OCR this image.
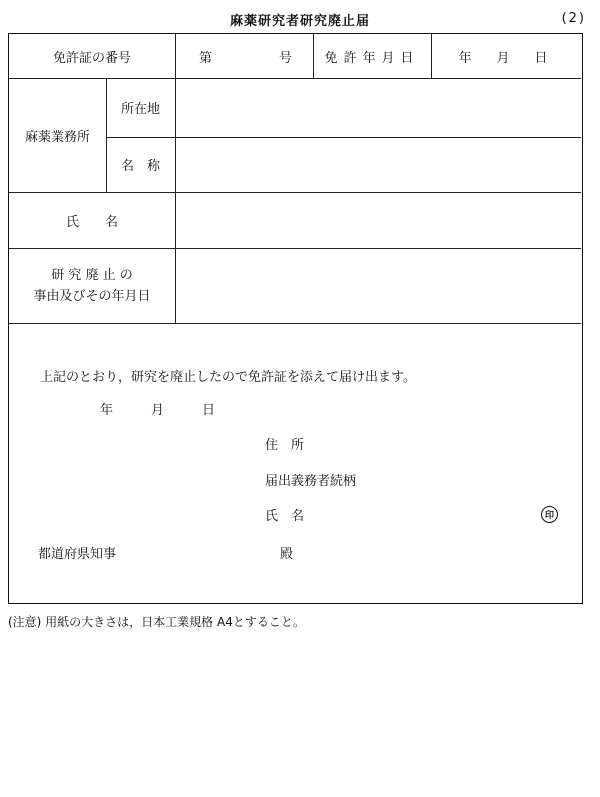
麻薬研究者研究廃止届	(2)
免許証の番号	第	号 免許年月日	年　月　日
麻薬業務所
所在地
名　称
氏　　名
研 究 廃 止 の
事由及びその年月日
上記のとおり，研究を廃止したので免許証を添えて届け出ます。
年　　月　　日
住　所
届出義務者続柄
氏　名	印
都道府県知事	殿
(注意) 用紙の大きさは，日本工業規格 A4とすること。
